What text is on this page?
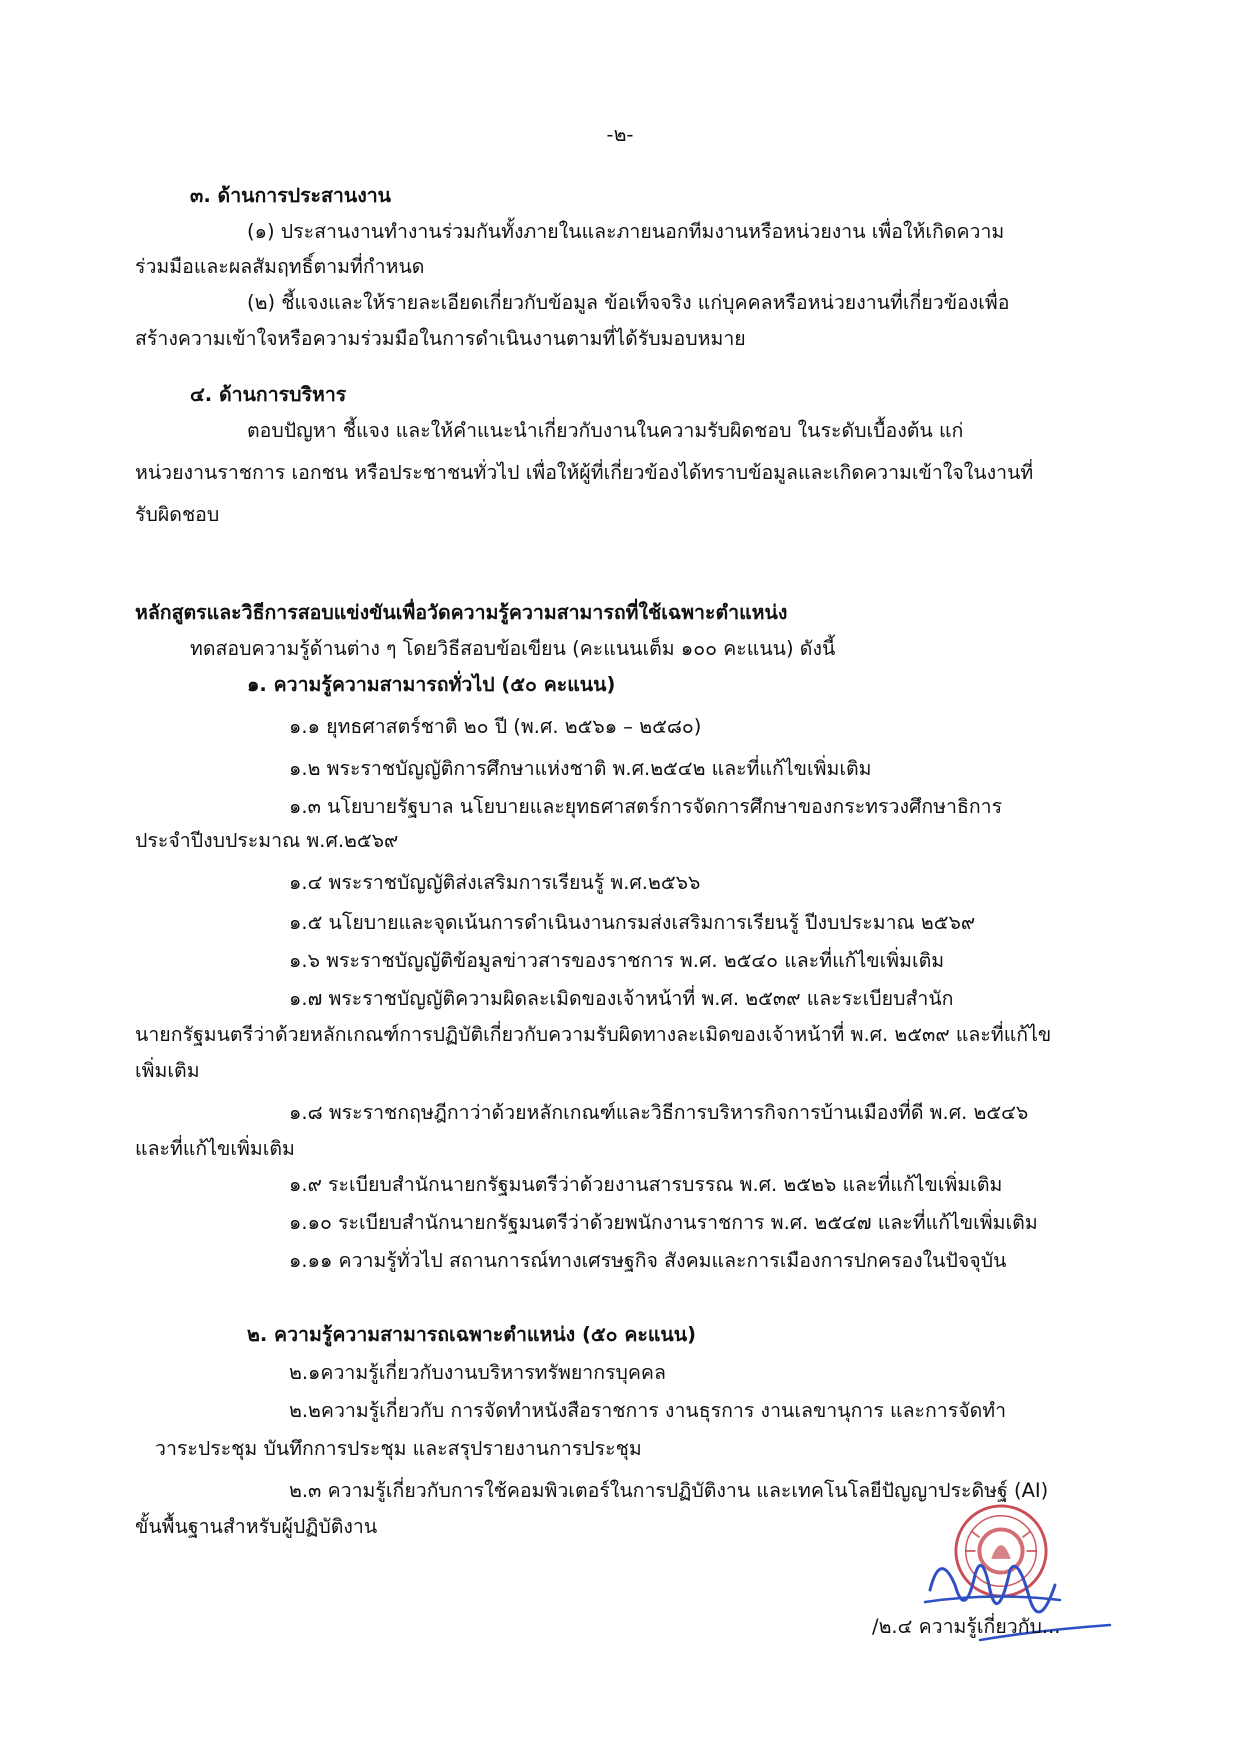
-๒-
๓. ด้านการประสานงาน
(๑) ประสานงานทำงานร่วมกันทั้งภายในและภายนอกทีมงานหรือหน่วยงาน เพื่อให้เกิดความ
ร่วมมือและผลสัมฤทธิ์ตามที่กำหนด
(๒) ชี้แจงและให้รายละเอียดเกี่ยวกับข้อมูล ข้อเท็จจริง แก่บุคคลหรือหน่วยงานที่เกี่ยวข้องเพื่อ
สร้างความเข้าใจหรือความร่วมมือในการดำเนินงานตามที่ได้รับมอบหมาย
๔. ด้านการบริหาร
ตอบปัญหา ชี้แจง และให้คำแนะนำเกี่ยวกับงานในความรับผิดชอบ ในระดับเบื้องต้น แก่
หน่วยงานราชการ เอกชน หรือประชาชนทั่วไป เพื่อให้ผู้ที่เกี่ยวข้องได้ทราบข้อมูลและเกิดความเข้าใจในงานที่
รับผิดชอบ
หลักสูตรและวิธีการสอบแข่งขันเพื่อวัดความรู้ความสามารถที่ใช้เฉพาะตำแหน่ง
ทดสอบความรู้ด้านต่าง ๆ โดยวิธีสอบข้อเขียน (คะแนนเต็ม ๑๐๐ คะแนน) ดังนี้
๑. ความรู้ความสามารถทั่วไป (๕๐ คะแนน)
๑.๑ ยุทธศาสตร์ชาติ ๒๐ ปี (พ.ศ. ๒๕๖๑ – ๒๕๘๐)
๑.๒ พระราชบัญญัติการศึกษาแห่งชาติ พ.ศ.๒๕๔๒ และที่แก้ไขเพิ่มเติม
๑.๓ นโยบายรัฐบาล นโยบายและยุทธศาสตร์การจัดการศึกษาของกระทรวงศึกษาธิการ
ประจำปีงบประมาณ พ.ศ.๒๕๖๙
๑.๔ พระราชบัญญัติส่งเสริมการเรียนรู้ พ.ศ.๒๕๖๖
๑.๕ นโยบายและจุดเน้นการดำเนินงานกรมส่งเสริมการเรียนรู้ ปีงบประมาณ ๒๕๖๙
๑.๖ พระราชบัญญัติข้อมูลข่าวสารของราชการ พ.ศ. ๒๕๔๐ และที่แก้ไขเพิ่มเติม
๑.๗ พระราชบัญญัติความผิดละเมิดของเจ้าหน้าที่ พ.ศ. ๒๕๓๙ และระเบียบสำนัก
นายกรัฐมนตรีว่าด้วยหลักเกณฑ์การปฏิบัติเกี่ยวกับความรับผิดทางละเมิดของเจ้าหน้าที่ พ.ศ. ๒๕๓๙ และที่แก้ไข
เพิ่มเติม
๑.๘ พระราชกฤษฎีกาว่าด้วยหลักเกณฑ์และวิธีการบริหารกิจการบ้านเมืองที่ดี พ.ศ. ๒๕๔๖
และที่แก้ไขเพิ่มเติม
๑.๙ ระเบียบสำนักนายกรัฐมนตรีว่าด้วยงานสารบรรณ พ.ศ. ๒๕๒๖ และที่แก้ไขเพิ่มเติม
๑.๑๐ ระเบียบสำนักนายกรัฐมนตรีว่าด้วยพนักงานราชการ พ.ศ. ๒๕๔๗ และที่แก้ไขเพิ่มเติม
๑.๑๑ ความรู้ทั่วไป สถานการณ์ทางเศรษฐกิจ สังคมและการเมืองการปกครองในปัจจุบัน
๒. ความรู้ความสามารถเฉพาะตำแหน่ง (๕๐ คะแนน)
๒.๑ความรู้เกี่ยวกับงานบริหารทรัพยากรบุคคล
๒.๒ความรู้เกี่ยวกับ การจัดทำหนังสือราชการ งานธุรการ งานเลขานุการ และการจัดทำ
วาระประชุม บันทึกการประชุม และสรุปรายงานการประชุม
๒.๓ ความรู้เกี่ยวกับการใช้คอมพิวเตอร์ในการปฏิบัติงาน และเทคโนโลยีปัญญาประดิษฐ์ (AI)
ขั้นพื้นฐานสำหรับผู้ปฏิบัติงาน
/๒.๔ ความรู้เกี่ยวกับ...
